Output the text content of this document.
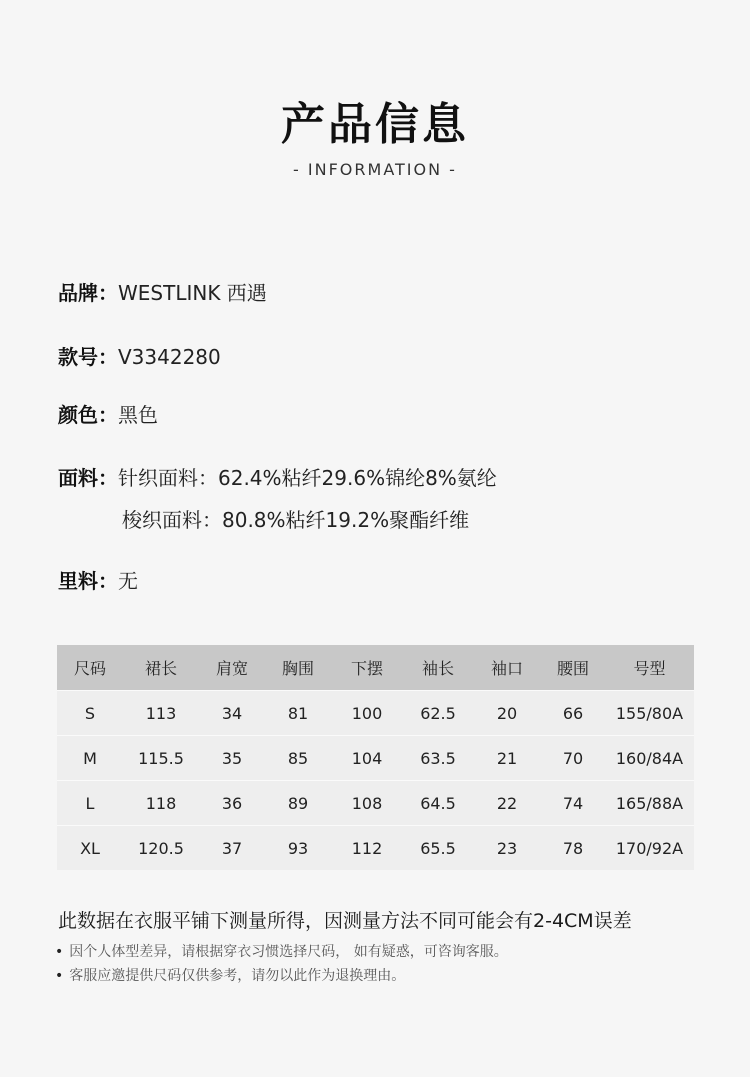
产品信息
- INFORMATION -
品牌：WESTLINK 西遇
款号：V3342280
颜色：黑色
面料：针织面料：62.4%粘纤29.6%锦纶8%氨纶
梭织面料：80.8%粘纤19.2%聚酯纤维
里料：无
尺码	裙长	肩宽	胸围	下摆	袖长	袖口	腰围	号型
S	113	34	81	100	62.5	20	66	155/80A
M	115.5	35	85	104	63.5	21	70	160/84A
L	118	36	89	108	64.5	22	74	165/88A
XL	120.5	37	93	112	65.5	23	78	170/92A
此数据在衣服平铺下测量所得，因测量方法不同可能会有2-4CM误差
• 因个人体型差异，请根据穿衣习惯选择尺码， 如有疑惑，可咨询客服。
• 客服应邀提供尺码仅供参考，请勿以此作为退换理由。
